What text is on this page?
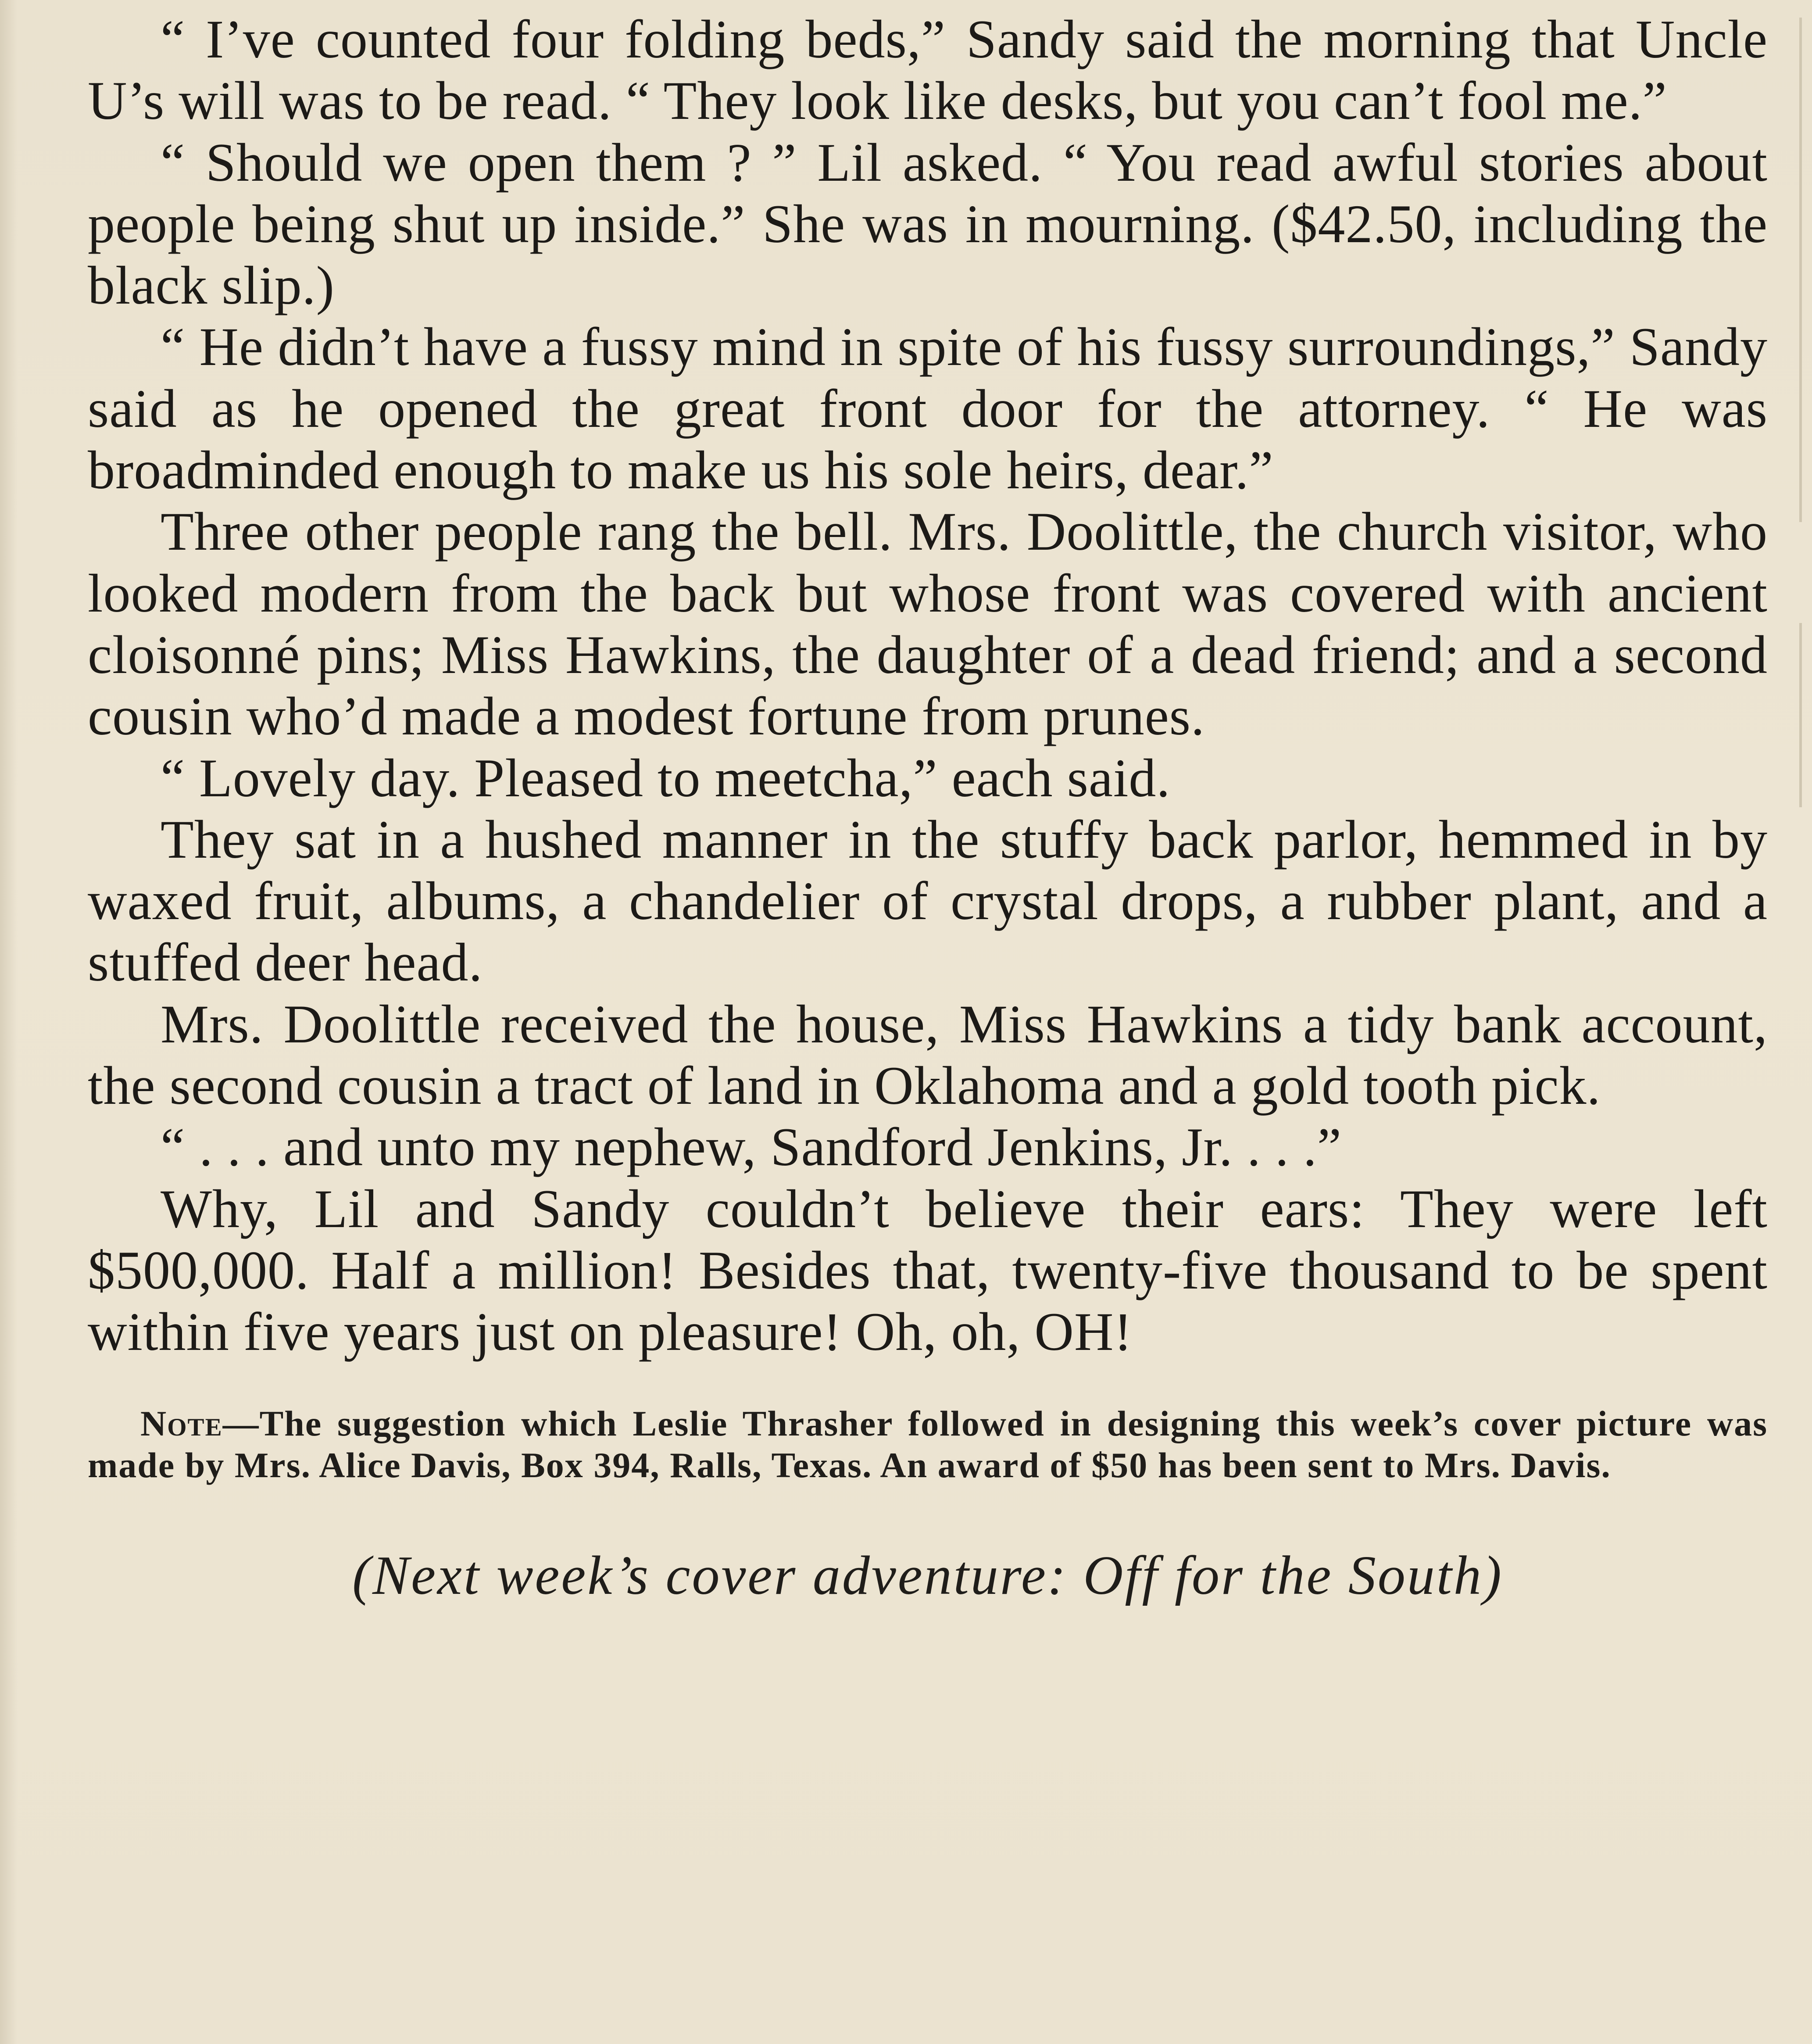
“ I’ve counted four folding beds,” Sandy said the morning that Uncle U’s will was to be read. “ They look like desks, but you can’t fool me.”

“ Should we open them ? ” Lil asked. “ You read awful stories about people being shut up inside.” She was in mourning. ($42.50, including the black slip.)

“ He didn’t have a fussy mind in spite of his fussy surroundings,” Sandy said as he opened the great front door for the attorney. “ He was broadminded enough to make us his sole heirs, dear.”

Three other people rang the bell. Mrs. Doolittle, the church visitor, who looked modern from the back but whose front was covered with ancient cloisonné pins; Miss Hawkins, the daughter of a dead friend; and a second cousin who’d made a modest fortune from prunes.

“ Lovely day. Pleased to meetcha,” each said.

They sat in a hushed manner in the stuffy back parlor, hemmed in by waxed fruit, albums, a chandelier of crystal drops, a rubber plant, and a stuffed deer head.

Mrs. Doolittle received the house, Miss Hawkins a tidy bank account, the second cousin a tract of land in Oklahoma and a gold tooth pick.

“ . . . and unto my nephew, Sandford Jenkins, Jr. . . .”

Why, Lil and Sandy couldn’t believe their ears: They were left $500,000. Half a million! Besides that, twenty-five thousand to be spent within five years just on pleasure! Oh, oh, OH!

Note—The suggestion which Leslie Thrasher followed in designing this week’s cover picture was made by Mrs. Alice Davis, Box 394, Ralls, Texas. An award of $50 has been sent to Mrs. Davis.

(Next week’s cover adventure: Off for the South)
